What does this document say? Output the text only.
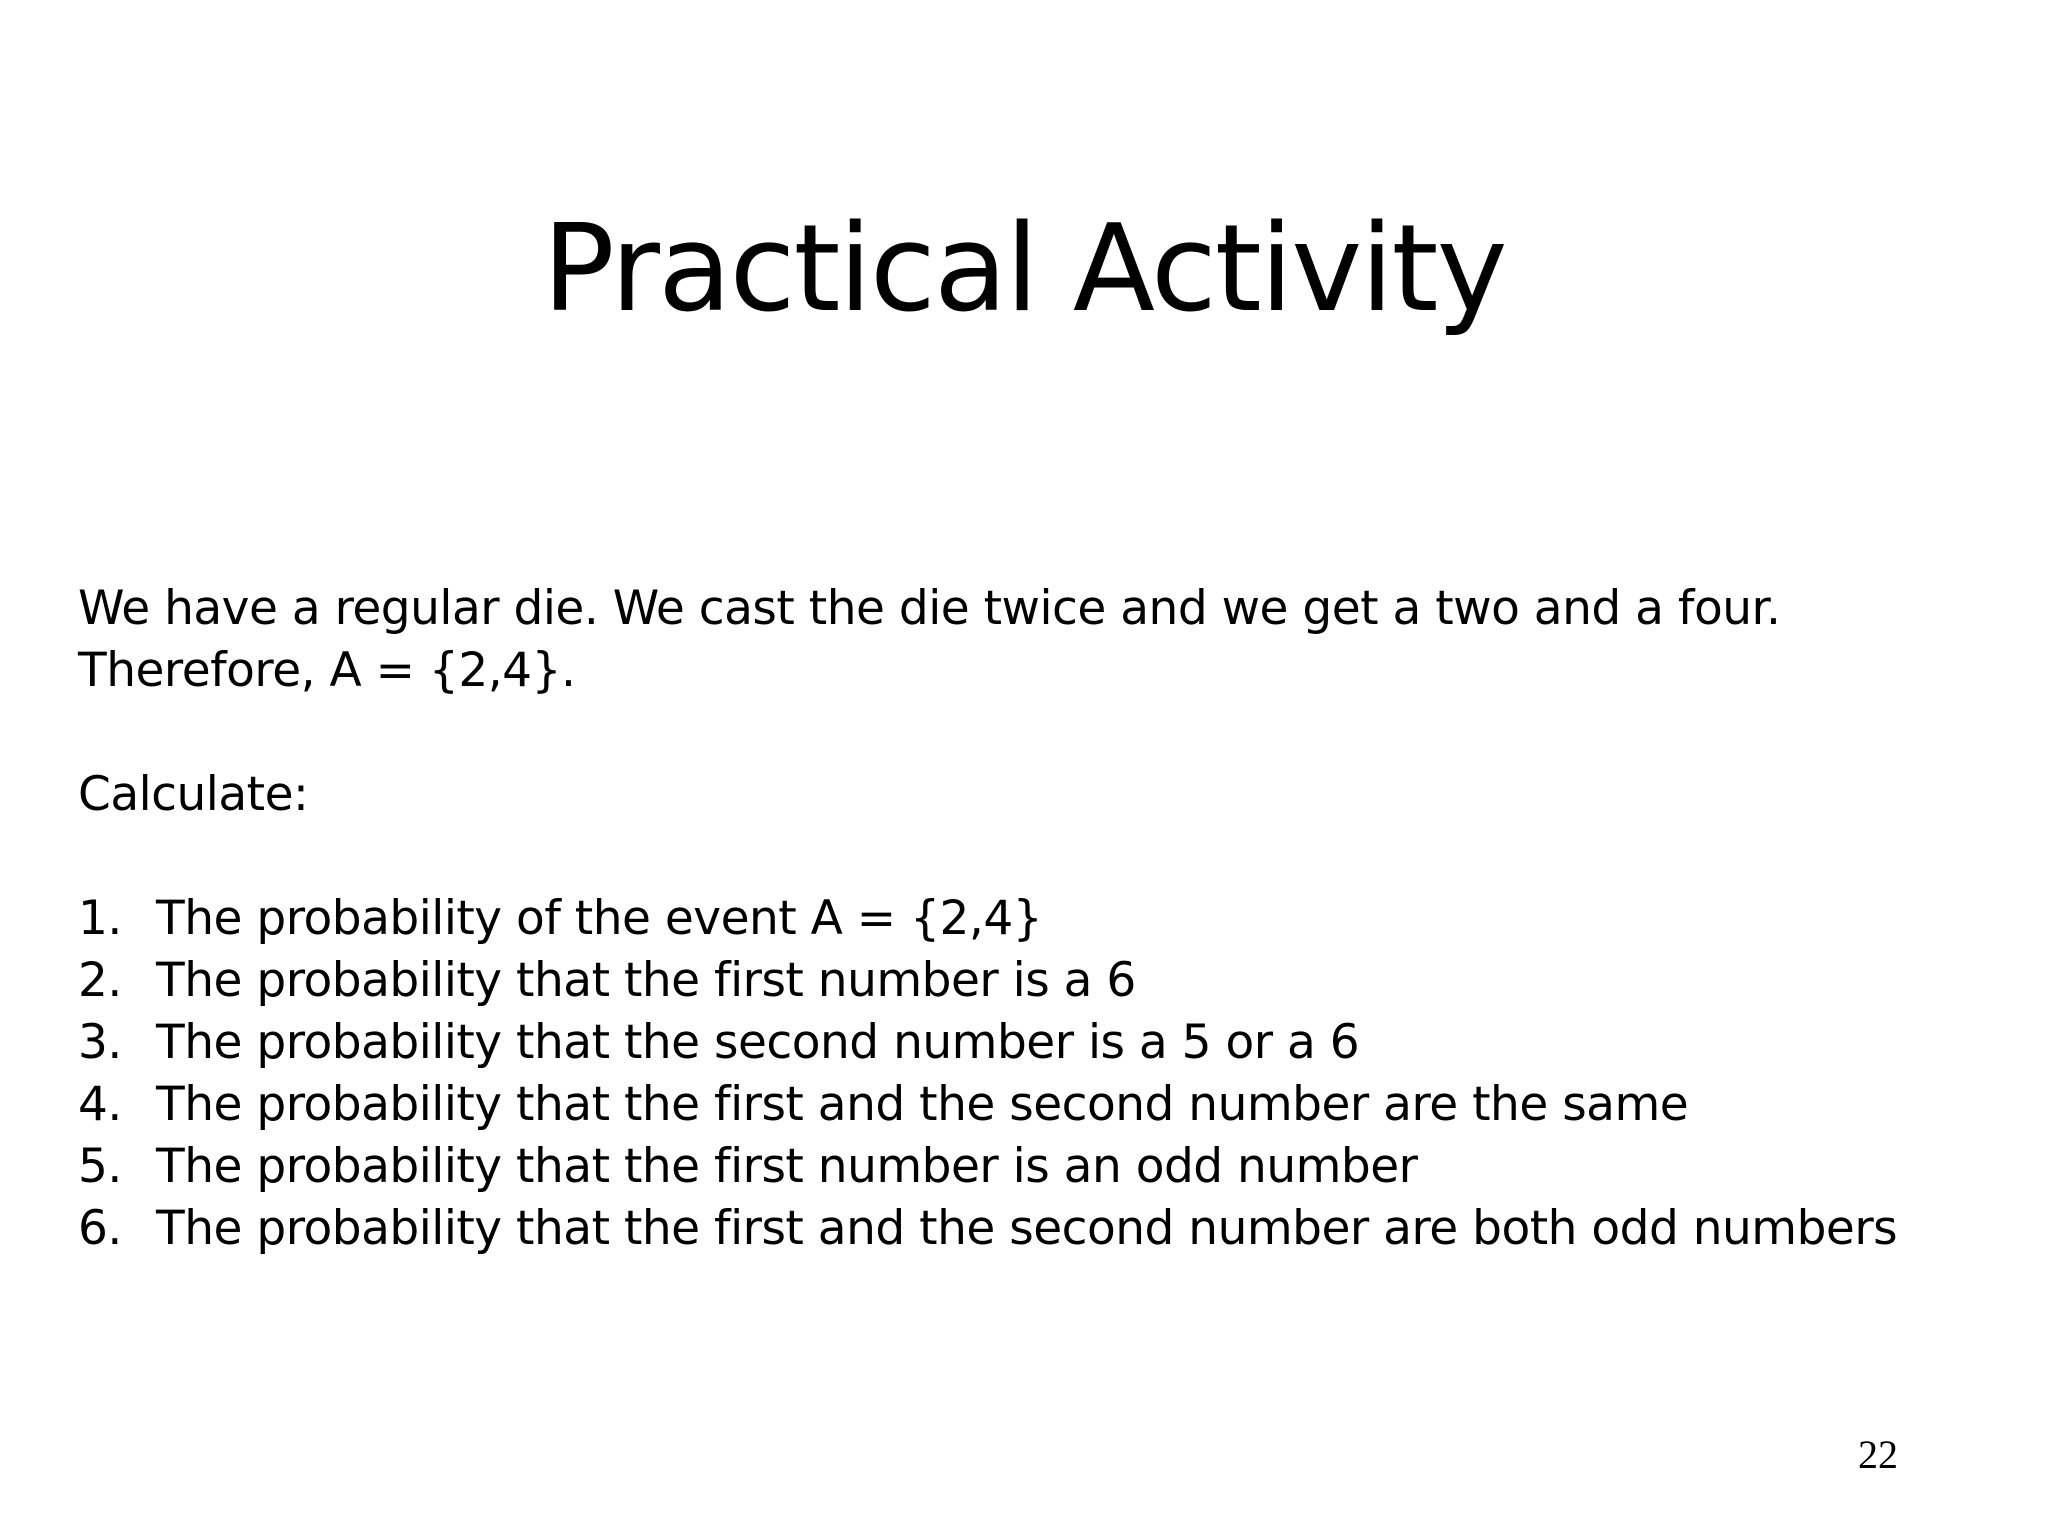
Practical Activity

We have a regular die. We cast the die twice and we get a two and a four.

Therefore, A = {2,4}.

Calculate:

1. The probability of the event A = {2,4}
2. The probability that the first number is a 6
3. The probability that the second number is a 5 or a 6
4. The probability that the first and the second number are the same
5. The probability that the first number is an odd number
6. The probability that the first and the second number are both odd numbers
22
